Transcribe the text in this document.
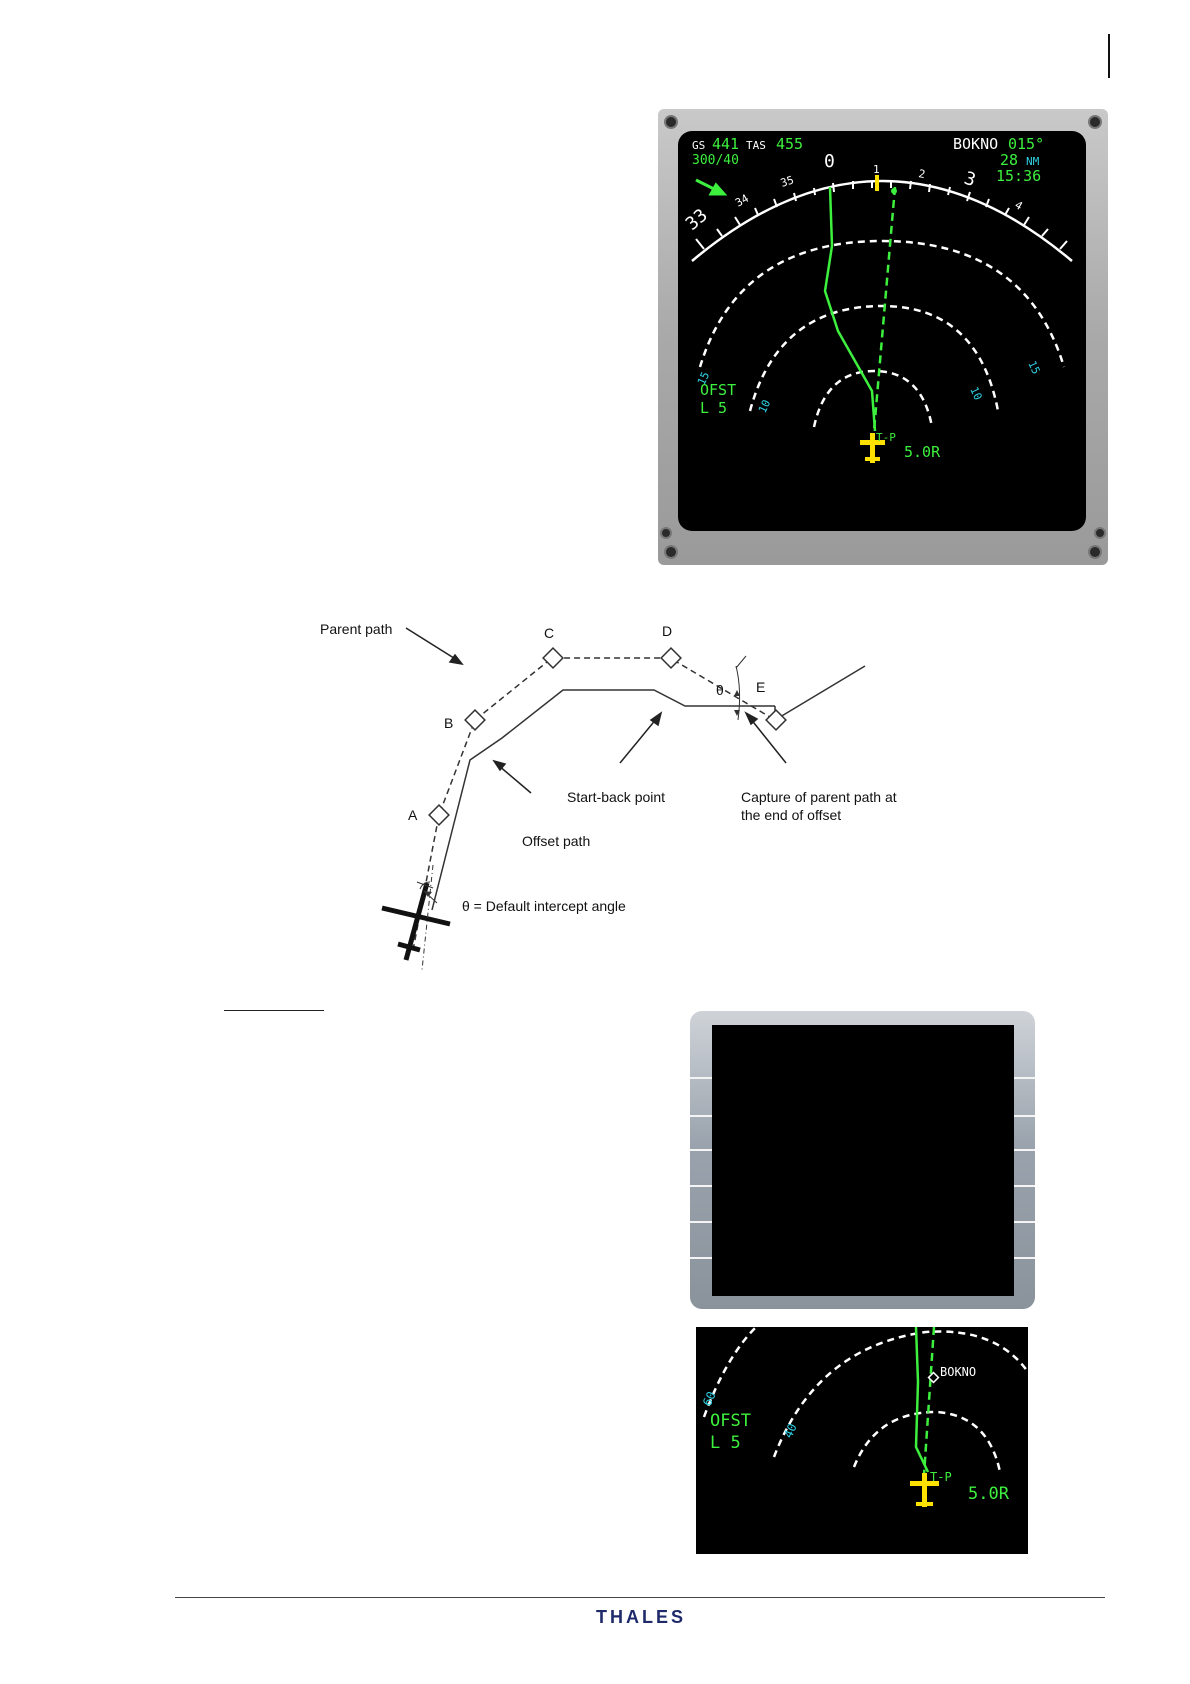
GS 441 TAS 455
300/40
BOKNO 015°
28 NM
15:36
33
34
35
0	1	2 3
4
15
10
15
10
OFST
L 5
T-P
5.0R
Parent path
A
B
C	D
E
θ
Start-back point	Capture of parent path at
the end of offset
Offset path
θ = Default intercept angle
60
40
BOKNO
OFST
L 5
T-P
5.0R
THALES
